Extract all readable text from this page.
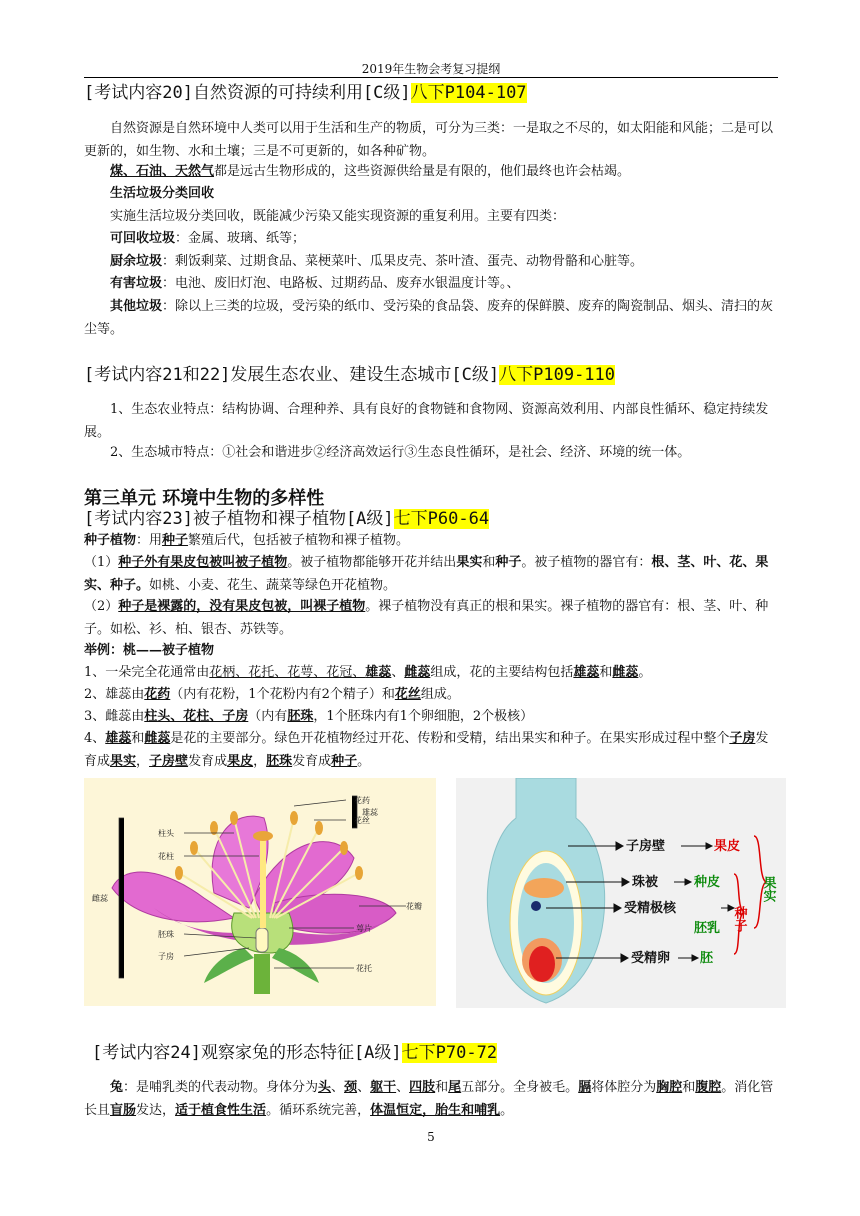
2019年生物会考复习提纲
[考试内容20]自然资源的可持续利用[C级]八下P104-107

自然资源是自然环境中人类可以用于生活和生产的物质，可分为三类：一是取之不尽的，如太阳能和风能；二是可以更新的，如生物、水和土壤；三是不可更新的，如各种矿物。

煤、石油、天然气都是远古生物形成的，这些资源供给量是有限的，他们最终也许会枯竭。

生活垃圾分类回收

实施生活垃圾分类回收，既能减少污染又能实现资源的重复利用。主要有四类：

可回收垃圾：金属、玻璃、纸等；

厨余垃圾：剩饭剩菜、过期食品、菜梗菜叶、瓜果皮壳、茶叶渣、蛋壳、动物骨骼和心脏等。

有害垃圾：电池、废旧灯泡、电路板、过期药品、废弃水银温度计等。、

其他垃圾：除以上三类的垃圾，受污染的纸巾、受污染的食品袋、废弃的保鲜膜、废弃的陶瓷制品、烟头、清扫的灰尘等。

[考试内容21和22]发展生态农业、建设生态城市[C级]八下P109-110

1、生态农业特点：结构协调、合理种养、具有良好的食物链和食物网、资源高效利用、内部良性循环、稳定持续发展。

2、生态城市特点：①社会和谐进步②经济高效运行③生态良性循环，是社会、经济、环境的统一体。

第三单元 环境中生物的多样性
[考试内容23]被子植物和裸子植物[A级]七下P60-64

种子植物：用种子繁殖后代，包括被子植物和裸子植物。

（1）种子外有果皮包被叫被子植物。被子植物都能够开花并结出果实和种子。被子植物的器官有：根、茎、叶、花、果实、种子。如桃、小麦、花生、蔬菜等绿色开花植物。

（2）种子是裸露的，没有果皮包被，叫裸子植物。裸子植物没有真正的根和果实。裸子植物的器官有：根、茎、叶、种子。如松、衫、柏、银杏、苏铁等。

举例：桃——被子植物

1、一朵完全花通常由花柄、花托、花萼、花冠、雄蕊、雌蕊组成，花的主要结构包括雄蕊和雌蕊。

2、雄蕊由花药（内有花粉，1个花粉内有2个精子）和花丝组成。

3、雌蕊由柱头、花柱、子房（内有胚珠，1个胚珠内有1个卵细胞，2个极核）

4、雄蕊和雌蕊是花的主要部分。绿色开花植物经过开花、传粉和受精，结出果实和种子。在果实形成过程中整个子房发育成果实，子房壁发育成果皮，胚珠发育成种子。

花药
花丝
雄蕊
柱头
花柱
雌蕊
花瓣
胚珠
萼片
子房
花托
子房壁	果皮
珠被	种皮
受精极核
胚乳
受精卵 胚
种子
果实
[考试内容24]观察家兔的形态特征[A级]七下P70-72

兔：是哺乳类的代表动物。身体分为头、颈、躯干、四肢和尾五部分。全身被毛。膈将体腔分为胸腔和腹腔。消化管长且盲肠发达，适于植食性生活。循环系统完善，体温恒定，胎生和哺乳。

5
